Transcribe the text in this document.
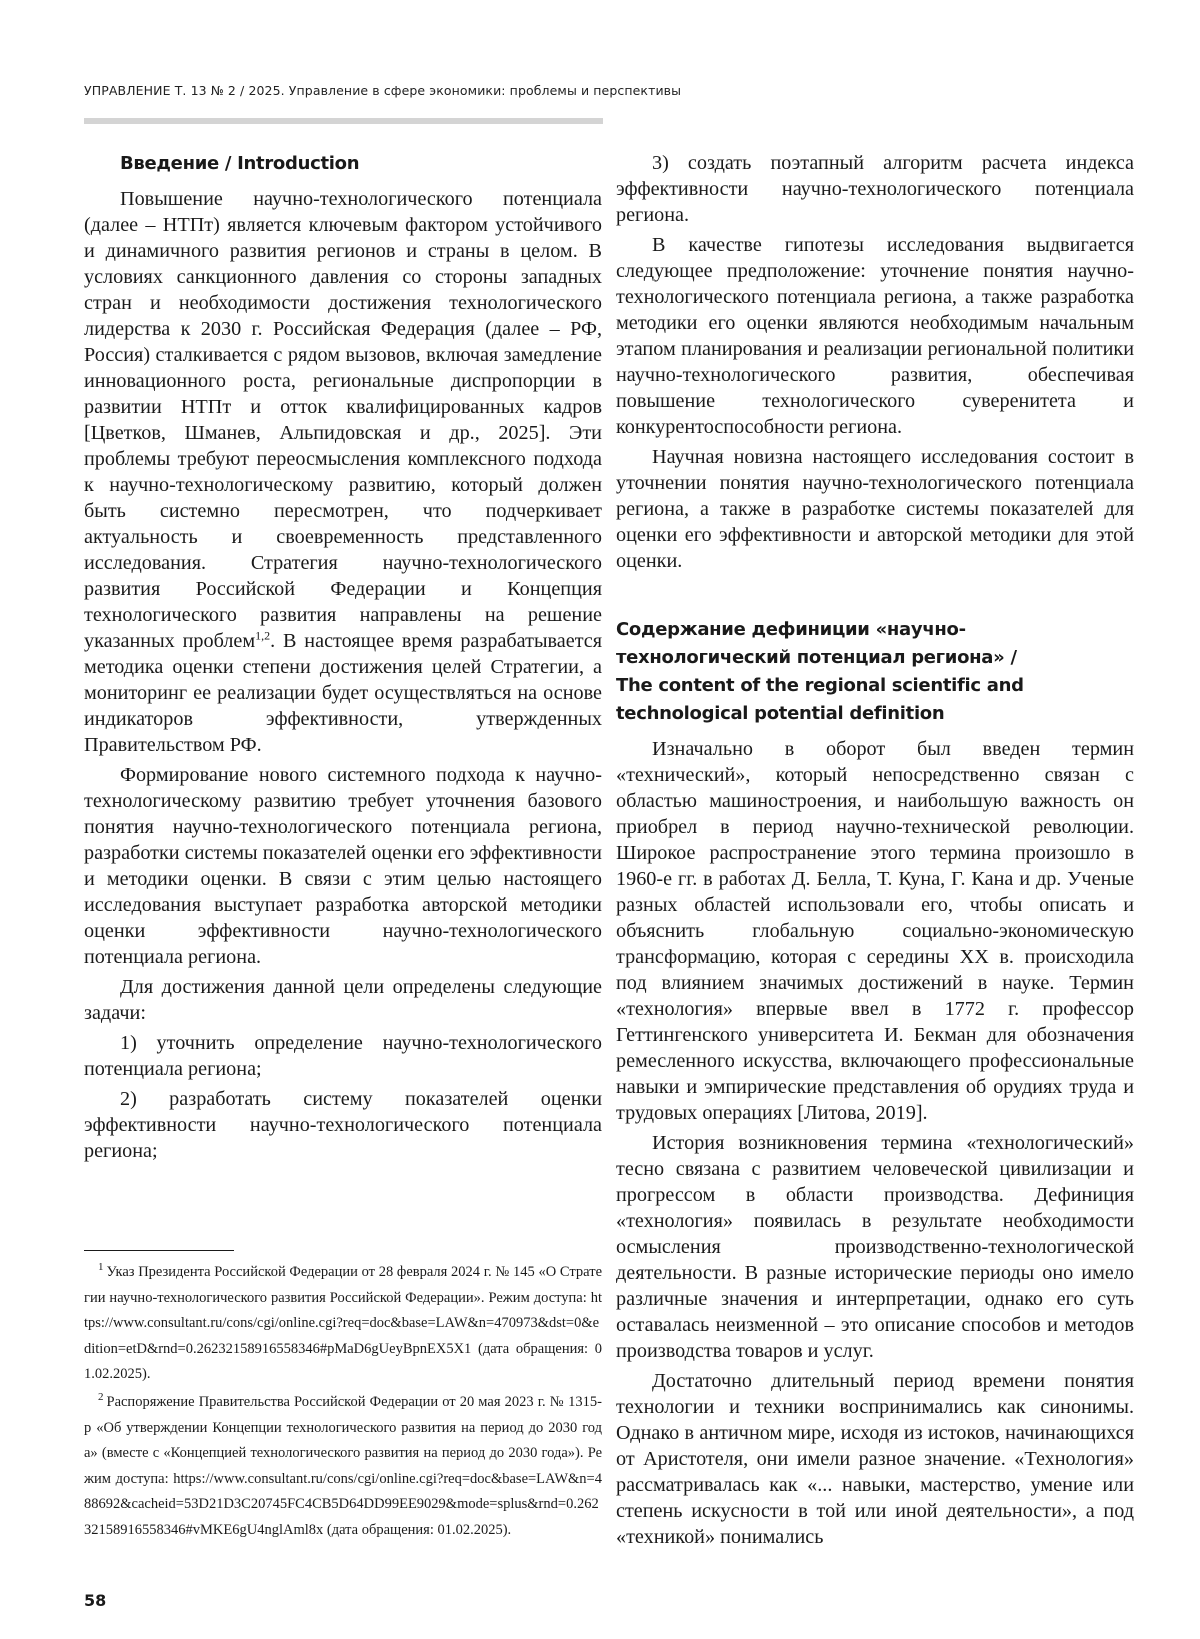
УПРАВЛЕНИЕ Т. 13 № 2 / 2025. Управление в сфере экономики: проблемы и перспективы
Введение / Introduction

Повышение научно-технологического потенциала (далее – НТПт) является ключевым фактором устойчивого и динамичного развития регионов и страны в целом. В условиях санкционного давления со стороны западных стран и необходимости достижения технологического лидерства к 2030 г. Российская Федерация (далее – РФ, Россия) сталкивается с рядом вызовов, включая замедление инновационного роста, региональные диспропорции в развитии НТПт и отток квалифицированных кадров [Цветков, Шманев, Альпидовская и др., 2025]. Эти проблемы требуют переосмысления комплексного подхода к научно-технологическому развитию, который должен быть системно пересмотрен, что подчеркивает актуальность и своевременность представленного исследования. Стратегия научно-технологического развития Российской Федерации и Концепция технологического развития направлены на решение указанных проблем$^{1,2}$. В настоящее время разрабатывается методика оценки степени достижения целей Стратегии, а мониторинг ее реализации будет осуществляться на основе индикаторов эффективности, утвержденных Правительством РФ.

Формирование нового системного подхода к научно-технологическому развитию требует уточнения базового понятия научно-технологического потенциала региона, разработки системы показателей оценки его эффективности и методики оценки. В связи с этим целью настоящего исследования выступает разработка авторской методики оценки эффективности научно-технологического потенциала региона.

Для достижения данной цели определены следующие задачи:

1) уточнить определение научно-технологического потенциала региона;

2) разработать систему показателей оценки эффективности научно-технологического потенциала региона;

3) создать поэтапный алгоритм расчета индекса эффективности научно-технологического потенциала региона.

В качестве гипотезы исследования выдвигается следующее предположение: уточнение понятия научно-технологического потенциала региона, а также разработка методики его оценки являются необходимым начальным этапом планирования и реализации региональной политики научно-технологического развития, обеспечивая повышение технологического суверенитета и конкурентоспособности региона.

Научная новизна настоящего исследования состоит в уточнении понятия научно-технологического потенциала региона, а также в разработке системы показателей для оценки его эффективности и авторской методики для этой оценки.

Содержание дефиниции «научно-технологический потенциал региона» /
The content of the regional scientific and technological potential definition

Изначально в оборот был введен термин «технический», который непосредственно связан с областью машиностроения, и наибольшую важность он приобрел в период научно-технической революции. Широкое распространение этого термина произошло в 1960-е гг. в работах Д. Белла, Т. Куна, Г. Кана и др. Ученые разных областей использовали его, чтобы описать и объяснить глобальную социально-экономическую трансформацию, которая с середины XX в. происходила под влиянием значимых достижений в науке. Термин «технология» впервые ввел в 1772 г. профессор Геттингенского университета И. Бекман для обозначения ремесленного искусства, включающего профессиональные навыки и эмпирические представления об орудиях труда и трудовых операциях [Литова, 2019].

История возникновения термина «технологический» тесно связана с развитием человеческой цивилизации и прогрессом в области производства. Дефиниция «технология» появилась в результате необходимости осмысления производственно-технологической деятельности. В разные исторические периоды оно имело различные значения и интерпретации, однако его суть оставалась неизменной – это описание способов и методов производства товаров и услуг.

Достаточно длительный период времени понятия технологии и техники воспринимались как синонимы. Однако в античном мире, исходя из истоков, начинающихся от Аристотеля, они имели разное значение. «Технология» рассматривалась как «... навыки, мастерство, умение или степень искусности в той или иной деятельности», а под «техникой» понимались

$^1$ Указ Президента Российской Федерации от 28 февраля 2024 г. № 145 «О Стратегии научно-технологического развития Российской Федерации». Режим доступа: https://www.consultant.ru/cons/cgi/online.cgi?req=doc&base=LAW&n=470973&dst=0&edition=etD&rnd=0.26232158916558346#pMaD6gUeyBpnEX5X1 (дата обращения: 01.02.2025).

$^2$ Распоряжение Правительства Российской Федерации от 20 мая 2023 г. № 1315-р «Об утверждении Концепции технологического развития на период до 2030 года» (вместе с «Концепцией технологического развития на период до 2030 года»). Режим доступа: https://www.consultant.ru/cons/cgi/online.cgi?req=doc&base=LAW&n=488692&cacheid=53D21D3C20745FC4CB5D64DD99EE9029&mode=splus&rnd=0.26232158916558346#vMKE6gU4nglAml8x (дата обращения: 01.02.2025).

58
